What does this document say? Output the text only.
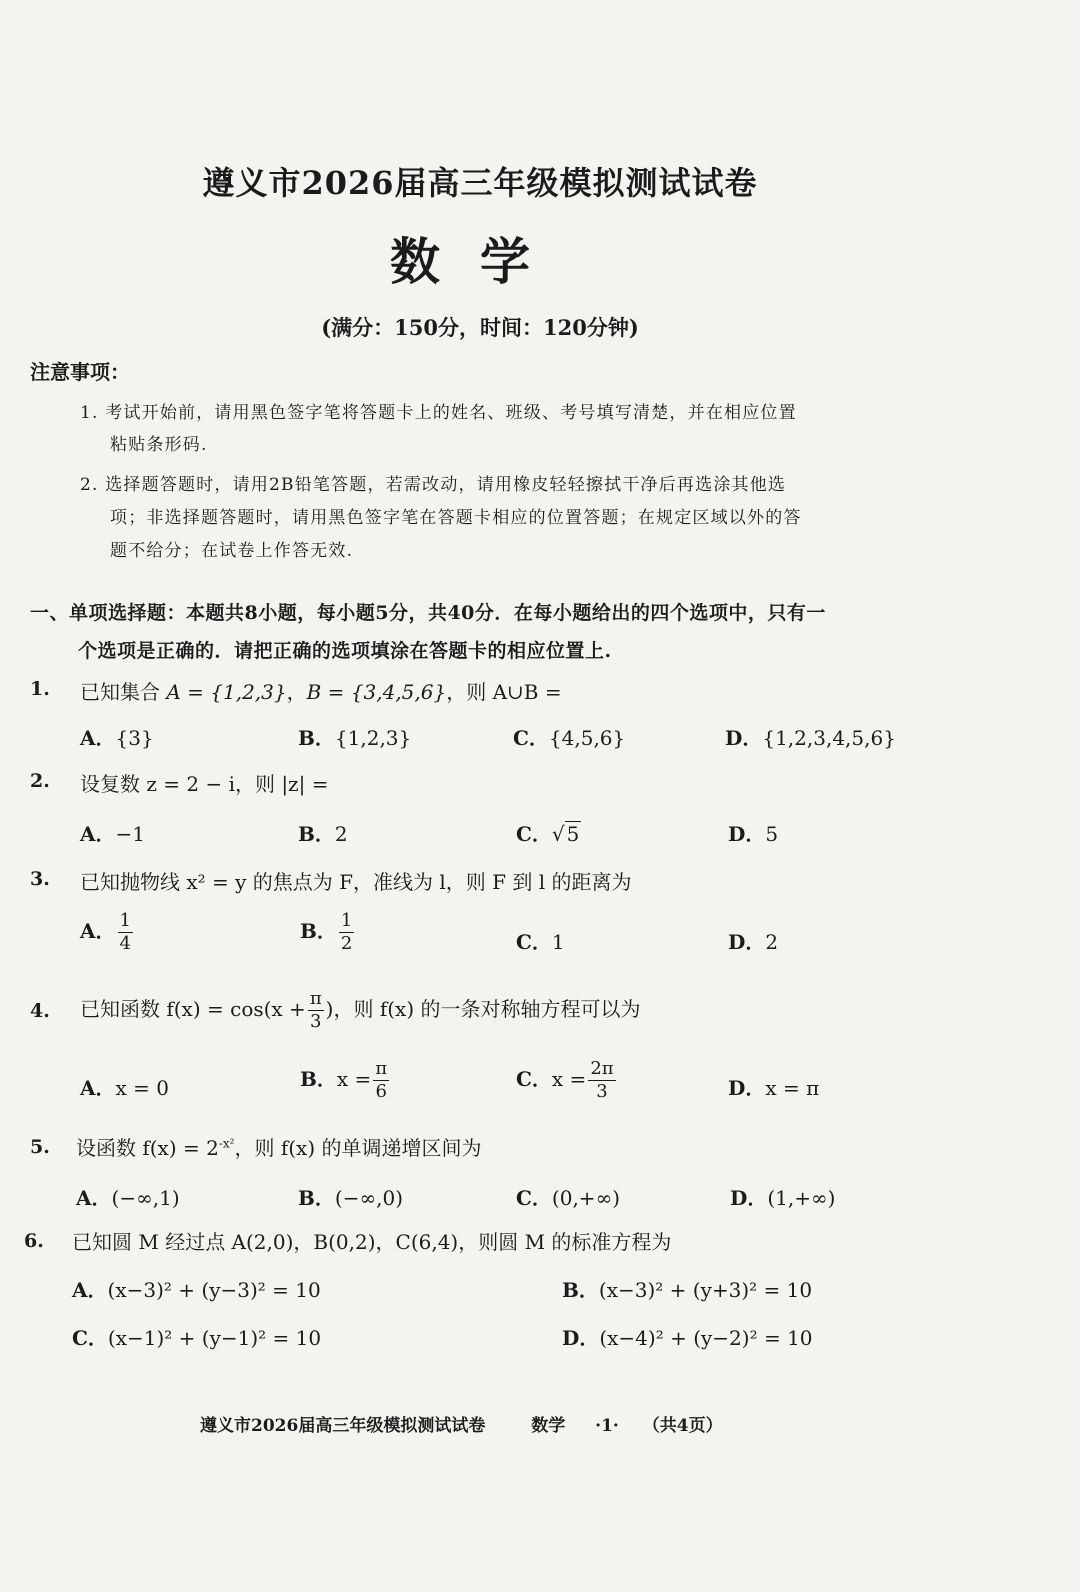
遵义市2026届高三年级模拟测试试卷
数学
(满分：150分，时间：120分钟)
注意事项：
1. 考试开始前，请用黑色签字笔将答题卡上的姓名、班级、考号填写清楚，并在相应位置
粘贴条形码.
2. 选择题答题时，请用2B铅笔答题，若需改动，请用橡皮轻轻擦拭干净后再选涂其他选
项；非选择题答题时，请用黑色签字笔在答题卡相应的位置答题；在规定区域以外的答
题不给分；在试卷上作答无效.
一、单项选择题：本题共8小题，每小题5分，共40分．在每小题给出的四个选项中，只有一
个选项是正确的．请把正确的选项填涂在答题卡的相应位置上.
1. 已知集合 A = {1,2,3}，B = {3,4,5,6}，则 A∪B =
A．{3}	B．{1,2,3}	C．{4,5,6}	D．{1,2,3,4,5,6}
2. 设复数 z = 2 − i，则 |z| =
A．−1	B．2	C．√ 5	D．5
3. 已知抛物线 x² = y 的焦点为 F，准线为 l，则 F 到 l 的距离为
A． $\frac{1}{4}$	B． $\frac{1}{2}$	C．1	D．2
4. 已知函数 $f(x) = \cos(x + \frac{\pi}{3}$ )，则 f(x) 的一条对称轴方程可以为
A．x = 0	B．$x = \frac{\pi}{6}$	C．$x = \frac{2\pi}{3}$	D．x = π
5. 设函数 $f(x) = 2^{-x^2}$，则 f(x) 的单调递增区间为
A．(−∞,1)	B．(−∞,0)	C．(0,+∞)	D．(1,+∞)
6. 已知圆 M 经过点 A(2,0)，B(0,2)，C(6,4)，则圆 M 的标准方程为
A．(x−3)² + (y−3)² = 10	B．(x−3)² + (y+3)² = 10
C．(x−1)² + (y−1)² = 10	D．(x−4)² + (y−2)² = 10
遵义市2026届高三年级模拟测试试卷	数学 ·1· （共4页）
